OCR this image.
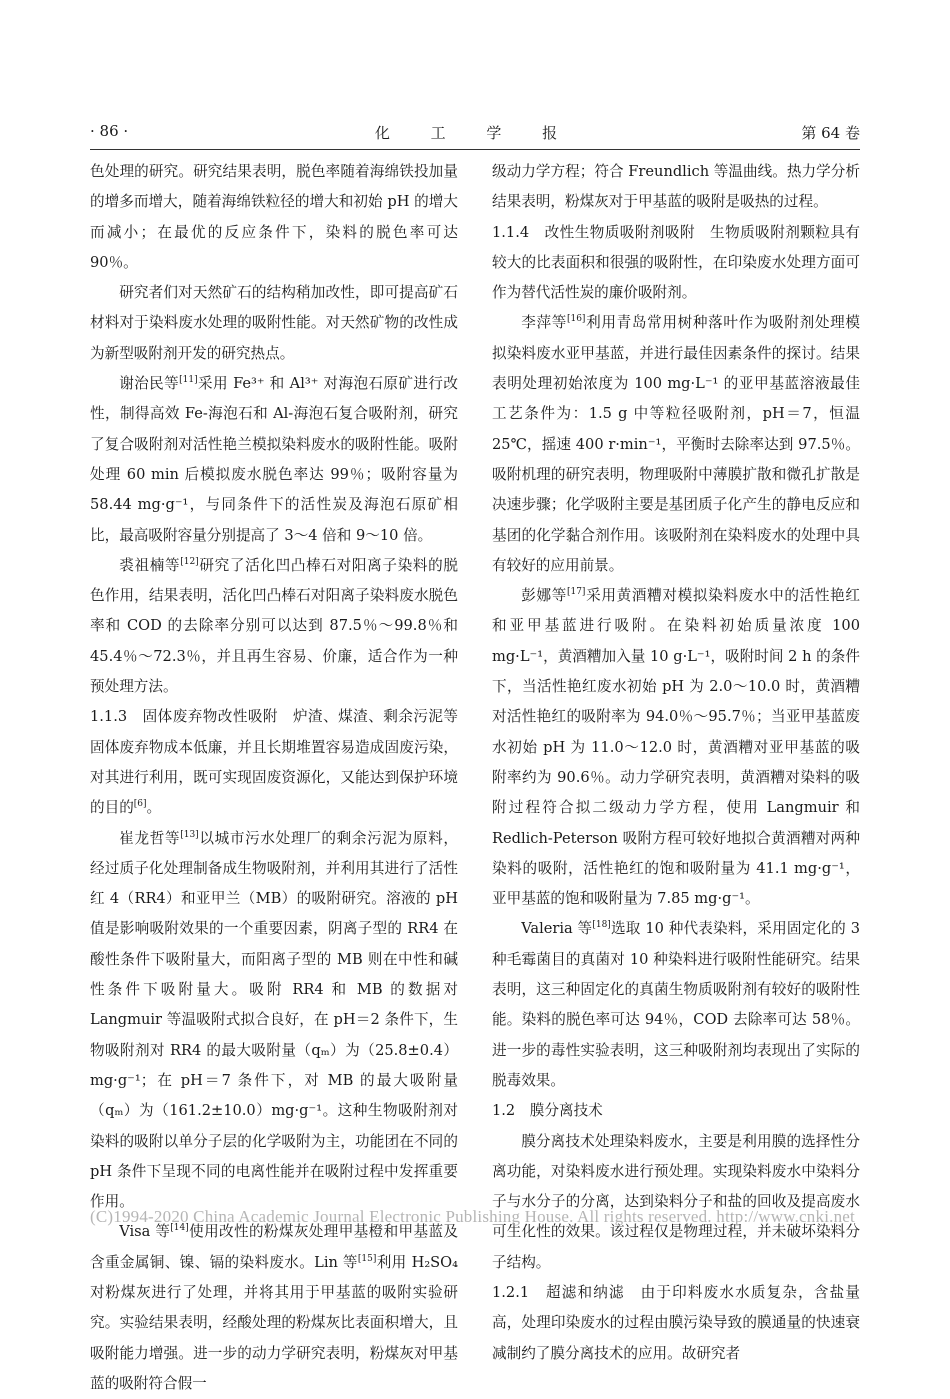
化 工 学 报
· 86 ·	第 64 卷

色处理的研究。研究结果表明，脱色率随着海绵铁投加量的增多而增大，随着海绵铁粒径的增大和初始 pH 的增大而减小；在最优的反应条件下，染料的脱色率可达 90％。

研究者们对天然矿石的结构稍加改性，即可提高矿石材料对于染料废水处理的吸附性能。对天然矿物的改性成为新型吸附剂开发的研究热点。

谢治民等[11]采用 Fe³⁺ 和 Al³⁺ 对海泡石原矿进行改性，制得高效 Fe-海泡石和 Al-海泡石复合吸附剂，研究了复合吸附剂对活性艳兰模拟染料废水的吸附性能。吸附处理 60 min 后模拟废水脱色率达 99％；吸附容量为 58.44 mg·g⁻¹，与同条件下的活性炭及海泡石原矿相比，最高吸附容量分别提高了 3～4 倍和 9～10 倍。

裘祖楠等[12]研究了活化凹凸棒石对阳离子染料的脱色作用，结果表明，活化凹凸棒石对阳离子染料废水脱色率和 COD 的去除率分别可以达到 87.5％～99.8％和 45.4％～72.3％，并且再生容易、价廉，适合作为一种预处理方法。

1.1.3　固体废弃物改性吸附　 炉渣、煤渣、剩余污泥等固体废弃物成本低廉，并且长期堆置容易造成固废污染，对其进行利用，既可实现固废资源化，又能达到保护环境的目的[6]。

崔龙哲等[13]以城市污水处理厂的剩余污泥为原料，经过质子化处理制备成生物吸附剂，并利用其进行了活性红 4（RR4）和亚甲兰（MB）的吸附研究。溶液的 pH 值是影响吸附效果的一个重要因素，阴离子型的 RR4 在酸性条件下吸附量大，而阳离子型的 MB 则在中性和碱性条件下吸附量大。吸附 RR4 和 MB 的数据对 Langmuir 等温吸附式拟合良好，在 pH＝2 条件下，生物吸附剂对 RR4 的最大吸附量（qₘ）为（25.8±0.4）mg·g⁻¹；在 pH＝7 条件下，对 MB 的最大吸附量（qₘ）为（161.2±10.0）mg·g⁻¹。这种生物吸附剂对染料的吸附以单分子层的化学吸附为主，功能团在不同的 pH 条件下呈现不同的电离性能并在吸附过程中发挥重要作用。

Visa 等[14]使用改性的粉煤灰处理甲基橙和甲基蓝及含重金属铜、镍、镉的染料废水。Lin 等[15]利用 H₂SO₄ 对粉煤灰进行了处理，并将其用于甲基蓝的吸附实验研究。实验结果表明，经酸处理的粉煤灰比表面积增大，且吸附能力增强。进一步的动力学研究表明，粉煤灰对甲基蓝的吸附符合假一

级动力学方程；符合 Freundlich 等温曲线。热力学分析结果表明，粉煤灰对于甲基蓝的吸附是吸热的过程。

1.1.4　改性生物质吸附剂吸附　 生物质吸附剂颗粒具有较大的比表面积和很强的吸附性，在印染废水处理方面可作为替代活性炭的廉价吸附剂。

李萍等[16]利用青岛常用树种落叶作为吸附剂处理模拟染料废水亚甲基蓝，并进行最佳因素条件的探讨。结果表明处理初始浓度为 100 mg·L⁻¹ 的亚甲基蓝溶液最佳工艺条件为：1.5 g 中等粒径吸附剂，pH＝7，恒温 25℃，摇速 400 r·min⁻¹，平衡时去除率达到 97.5％。吸附机理的研究表明，物理吸附中薄膜扩散和微孔扩散是决速步骤；化学吸附主要是基团质子化产生的静电反应和基团的化学黏合剂作用。该吸附剂在染料废水的处理中具有较好的应用前景。

彭娜等[17]采用黄酒糟对模拟染料废水中的活性艳红和亚甲基蓝进行吸附。在染料初始质量浓度 100 mg·L⁻¹，黄酒糟加入量 10 g·L⁻¹，吸附时间 2 h 的条件下，当活性艳红废水初始 pH 为 2.0～10.0 时，黄酒糟对活性艳红的吸附率为 94.0％～95.7％；当亚甲基蓝废水初始 pH 为 11.0～12.0 时，黄酒糟对亚甲基蓝的吸附率约为 90.6％。动力学研究表明，黄酒糟对染料的吸附过程符合拟二级动力学方程，使用 Langmuir 和 Redlich-Peterson 吸附方程可较好地拟合黄酒糟对两种染料的吸附，活性艳红的饱和吸附量为 41.1 mg·g⁻¹，亚甲基蓝的饱和吸附量为 7.85 mg·g⁻¹。

Valeria 等[18]选取 10 种代表染料，采用固定化的 3 种毛霉菌目的真菌对 10 种染料进行吸附性能研究。结果表明，这三种固定化的真菌生物质吸附剂有较好的吸附性能。染料的脱色率可达 94％，COD 去除率可达 58％。进一步的毒性实验表明，这三种吸附剂均表现出了实际的脱毒效果。

1.2　膜分离技术

膜分离技术处理染料废水，主要是利用膜的选择性分离功能，对染料废水进行预处理。实现染料废水中染料分子与水分子的分离，达到染料分子和盐的回收及提高废水可生化性的效果。该过程仅是物理过程，并未破坏染料分子结构。

1.2.1　超滤和纳滤　 由于印料废水水质复杂，含盐量高，处理印染废水的过程由膜污染导致的膜通量的快速衰减制约了膜分离技术的应用。故研究者

(C)1994-2020 China Academic Journal Electronic Publishing House. All rights reserved. http://www.cnki.net
